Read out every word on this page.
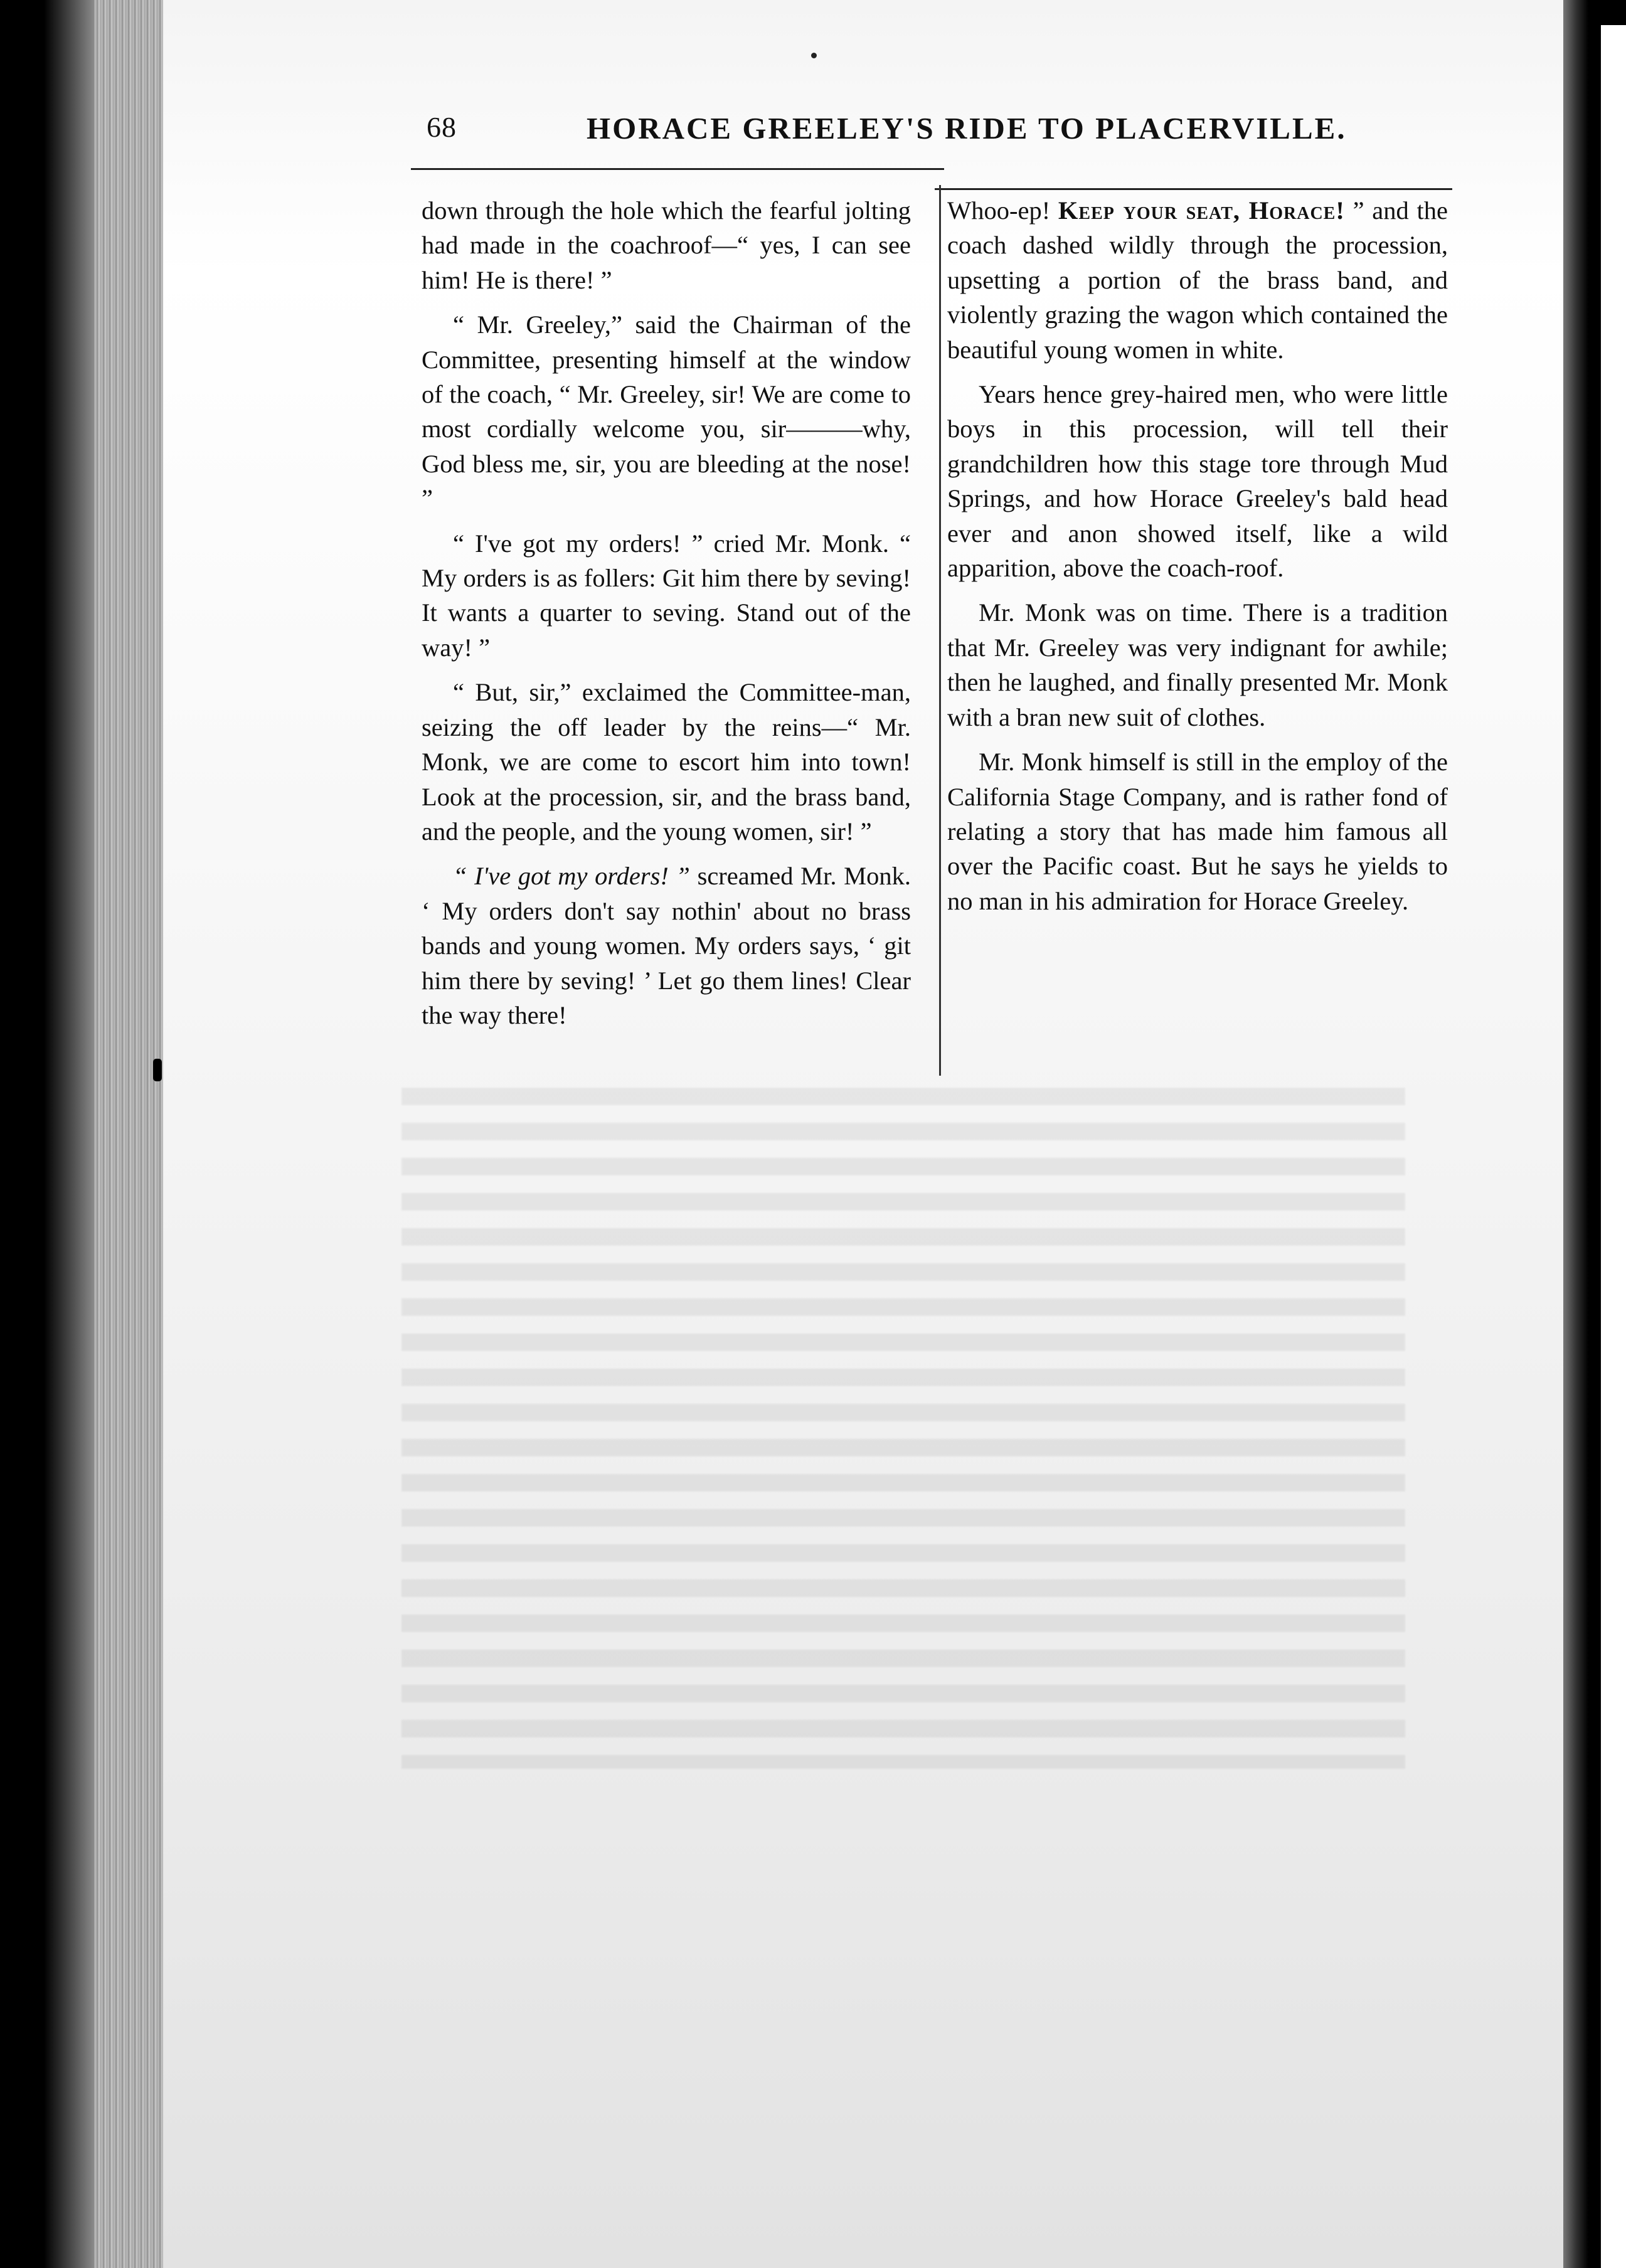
68	HORACE GREELEY'S RIDE TO PLACERVILLE.

down through the hole which the fearful jolting had made in the coachroof—“ yes, I can see him! He is there! ”

“ Mr. Greeley,” said the Chairman of the Committee, presenting himself at the window of the coach, “ Mr. Greeley, sir! We are come to most cordially welcome you, sir———why, God bless me, sir, you are bleeding at the nose! ”

“ I've got my orders! ” cried Mr. Monk. “ My orders is as follers: Git him there by seving! It wants a quarter to seving. Stand out of the way! ”

“ But, sir,” exclaimed the Committee-man, seizing the off leader by the reins—“ Mr. Monk, we are come to escort him into town! Look at the procession, sir, and the brass band, and the people, and the young women, sir! ”

“ I've got my orders! ” screamed Mr. Monk. ‘ My orders don't say nothin' about no brass bands and young women. My orders says, ‘ git him there by seving! ’ Let go them lines! Clear the way there!

Whoo-ep! Keep your seat, Horace! ” and the coach dashed wildly through the procession, upsetting a portion of the brass band, and violently grazing the wagon which contained the beautiful young women in white.

Years hence grey-haired men, who were little boys in this procession, will tell their grandchildren how this stage tore through Mud Springs, and how Horace Greeley's bald head ever and anon showed itself, like a wild apparition, above the coach-roof.

Mr. Monk was on time. There is a tradition that Mr. Greeley was very indignant for awhile; then he laughed, and finally presented Mr. Monk with a bran new suit of clothes.

Mr. Monk himself is still in the employ of the California Stage Company, and is rather fond of relating a story that has made him famous all over the Pacific coast. But he says he yields to no man in his admiration for Horace Greeley.
